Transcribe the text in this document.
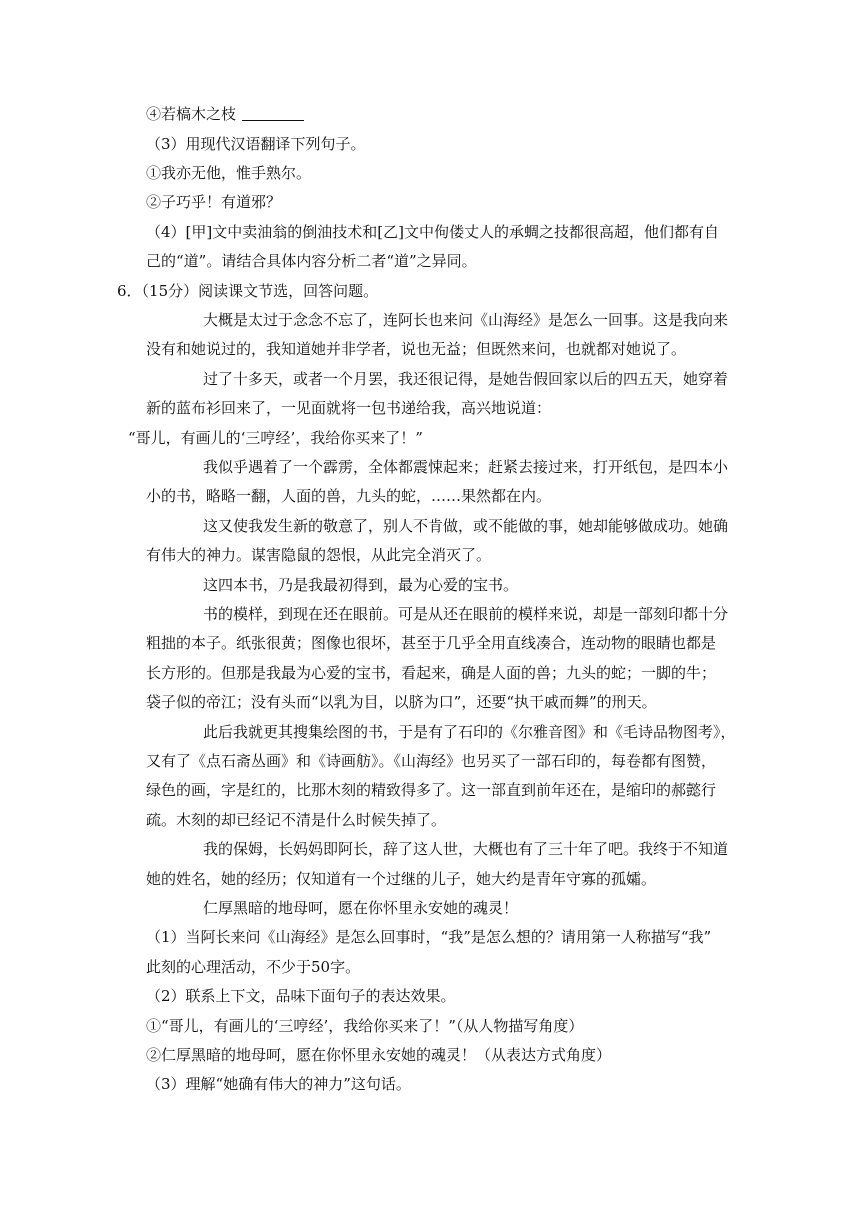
④若槁木之枝
（3）用现代汉语翻译下列句子。
①我亦无他，惟手熟尔。
②子巧乎！有道邪？
（4）[甲]文中卖油翁的倒油技术和[乙]文中佝偻丈人的承蜩之技都很高超，他们都有自
己的“道”。请结合具体内容分析二者“道”之异同。
6．（15分）阅读课文节选，回答问题。
大概是太过于念念不忘了，连阿长也来问《山海经》是怎么一回事。这是我向来
没有和她说过的，我知道她并非学者，说也无益；但既然来问，也就都对她说了。
过了十多天，或者一个月罢，我还很记得，是她告假回家以后的四五天，她穿着
新的蓝布衫回来了，一见面就将一包书递给我，高兴地说道：
“哥儿，有画儿的‘三哼经’，我给你买来了！”
我似乎遇着了一个霹雳，全体都震悚起来；赶紧去接过来，打开纸包，是四本小
小的书，略略一翻，人面的兽，九头的蛇，……果然都在内。
这又使我发生新的敬意了，别人不肯做，或不能做的事，她却能够做成功。她确
有伟大的神力。谋害隐鼠的怨恨，从此完全消灭了。
这四本书，乃是我最初得到，最为心爱的宝书。
书的模样，到现在还在眼前。可是从还在眼前的模样来说，却是一部刻印都十分
粗拙的本子。纸张很黄；图像也很坏，甚至于几乎全用直线凑合，连动物的眼睛也都是
长方形的。但那是我最为心爱的宝书，看起来，确是人面的兽；九头的蛇；一脚的牛；
袋子似的帝江；没有头而“以乳为目，以脐为口”，还要“执干戚而舞”的刑天。
此后我就更其搜集绘图的书，于是有了石印的《尔雅音图》和《毛诗品物图考》，
又有了《点石斋丛画》和《诗画舫》。《山海经》也另买了一部石印的，每卷都有图赞，
绿色的画，字是红的，比那木刻的精致得多了。这一部直到前年还在，是缩印的郝懿行
疏。木刻的却已经记不清是什么时候失掉了。
我的保姆，长妈妈即阿长，辞了这人世，大概也有了三十年了吧。我终于不知道
她的姓名，她的经历；仅知道有一个过继的儿子，她大约是青年守寡的孤孀。
仁厚黑暗的地母呵，愿在你怀里永安她的魂灵！
（1）当阿长来问《山海经》是怎么回事时，“我”是怎么想的？请用第一人称描写“我”
此刻的心理活动，不少于50字。
（2）联系上下文，品味下面句子的表达效果。
①“哥儿，有画儿的‘三哼经’，我给你买来了！”（从人物描写角度）
②仁厚黑暗的地母呵，愿在你怀里永安她的魂灵！（从表达方式角度）
（3）理解“她确有伟大的神力”这句话。
